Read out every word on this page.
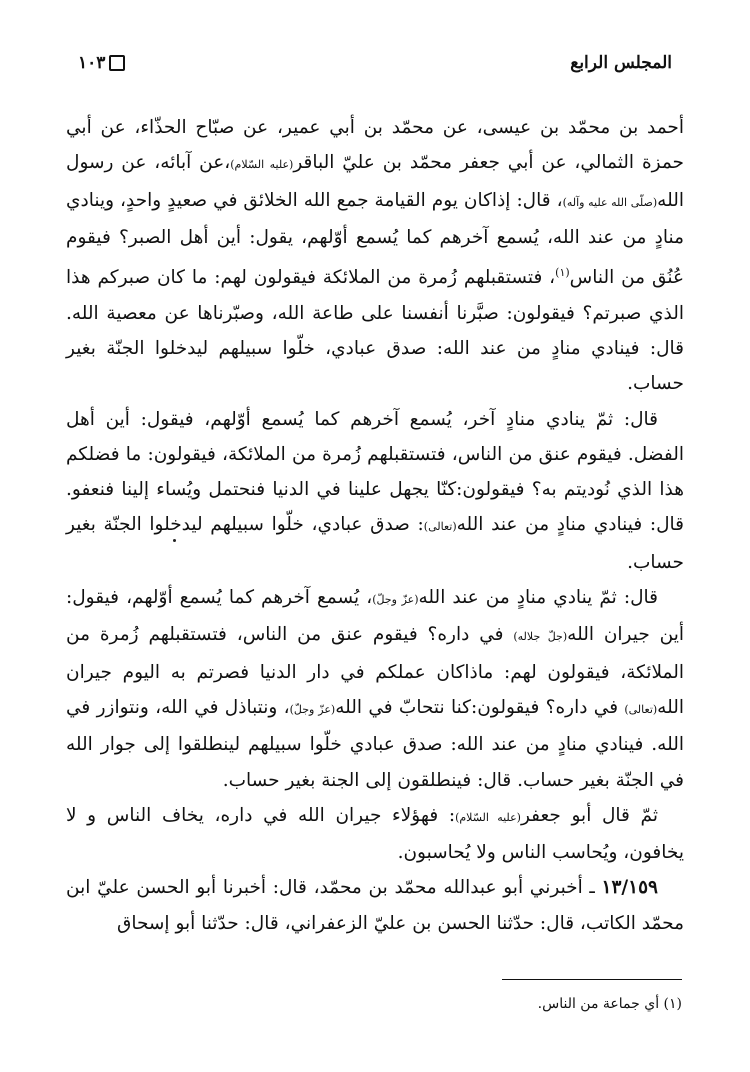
المجلس الرابع
١٠٣

أحمد بن محمّد بن عيسى، عن محمّد بن أبي عمير، عن صبّاح الحذّاء، عن أبي حمزة الثمالي، عن أبي جعفر محمّد بن عليّ الباقر(عليه السّلام)،عن آبائه، عن رسول الله(صلّى الله عليه وآله)، قال: إذاكان يوم القيامة جمع الله الخلائق في صعيدٍ واحدٍ، وينادي منادٍ من عند الله، يُسمع آخرهم كما يُسمع أوّلهم، يقول: أين أهل الصبر؟ فيقوم عُنُق من الناس$^{(١)}$، فتستقبلهم زُمرة من الملائكة فيقولون لهم: ما كان صبركم هذا الذي صبرتم؟ فيقولون: صبَّرنا أنفسنا على طاعة الله، وصبّرناها عن معصية الله. قال: فينادي منادٍ من عند الله: صدق عبادي، خلّوا سبيلهم ليدخلوا الجنّة بغير حساب.

قال: ثمّ ينادي منادٍ آخر، يُسمع آخرهم كما يُسمع أوّلهم، فيقول: أين أهل الفضل. فيقوم عنق من الناس، فتستقبلهم زُمرة من الملائكة، فيقولون: ما فضلكم هذا الذي نُوديتم به؟ فيقولون:كنّا يجهل علينا في الدنيا فنحتمل ويُساء إلينا فنعفو. قال: فينادي منادٍ من عند الله(تعالى): صدق عبادي، خلّوا سبيلهم ليدخلوا الجنّة بغير حساب.

قال: ثمّ ينادي منادٍ من عند الله(عزّ وجلّ)، يُسمع آخرهم كما يُسمع أوّلهم، فيقول: أين جيران الله(جلّ جلاله) في داره؟ فيقوم عنق من الناس، فتستقبلهم زُمرة من الملائكة، فيقولون لهم: ماذاكان عملكم في دار الدنيا فصرتم به اليوم جيران الله(تعالى) في داره؟ فيقولون:كنا نتحابّ في الله(عزّ وجلّ)، ونتباذل في الله، ونتوازر في الله. فينادي منادٍ من عند الله: صدق عبادي خلّوا سبيلهم لينطلقوا إلى جوار الله في الجنّة بغير حساب. قال: فينطلقون إلى الجنة بغير حساب.

ثمّ قال أبو جعفر(عليه السّلام): فهؤلاء جيران الله في داره، يخاف الناس و لا يخافون، ويُحاسب الناس ولا يُحاسبون.

١٣/١٥٩ ـ أخبرني أبو عبدالله محمّد بن محمّد، قال: أخبرنا أبو الحسن عليّ ابن محمّد الكاتب، قال: حدّثنا الحسن بن عليّ الزعفراني، قال: حدّثنا أبو إسحاق

(١) أي جماعة من الناس.
